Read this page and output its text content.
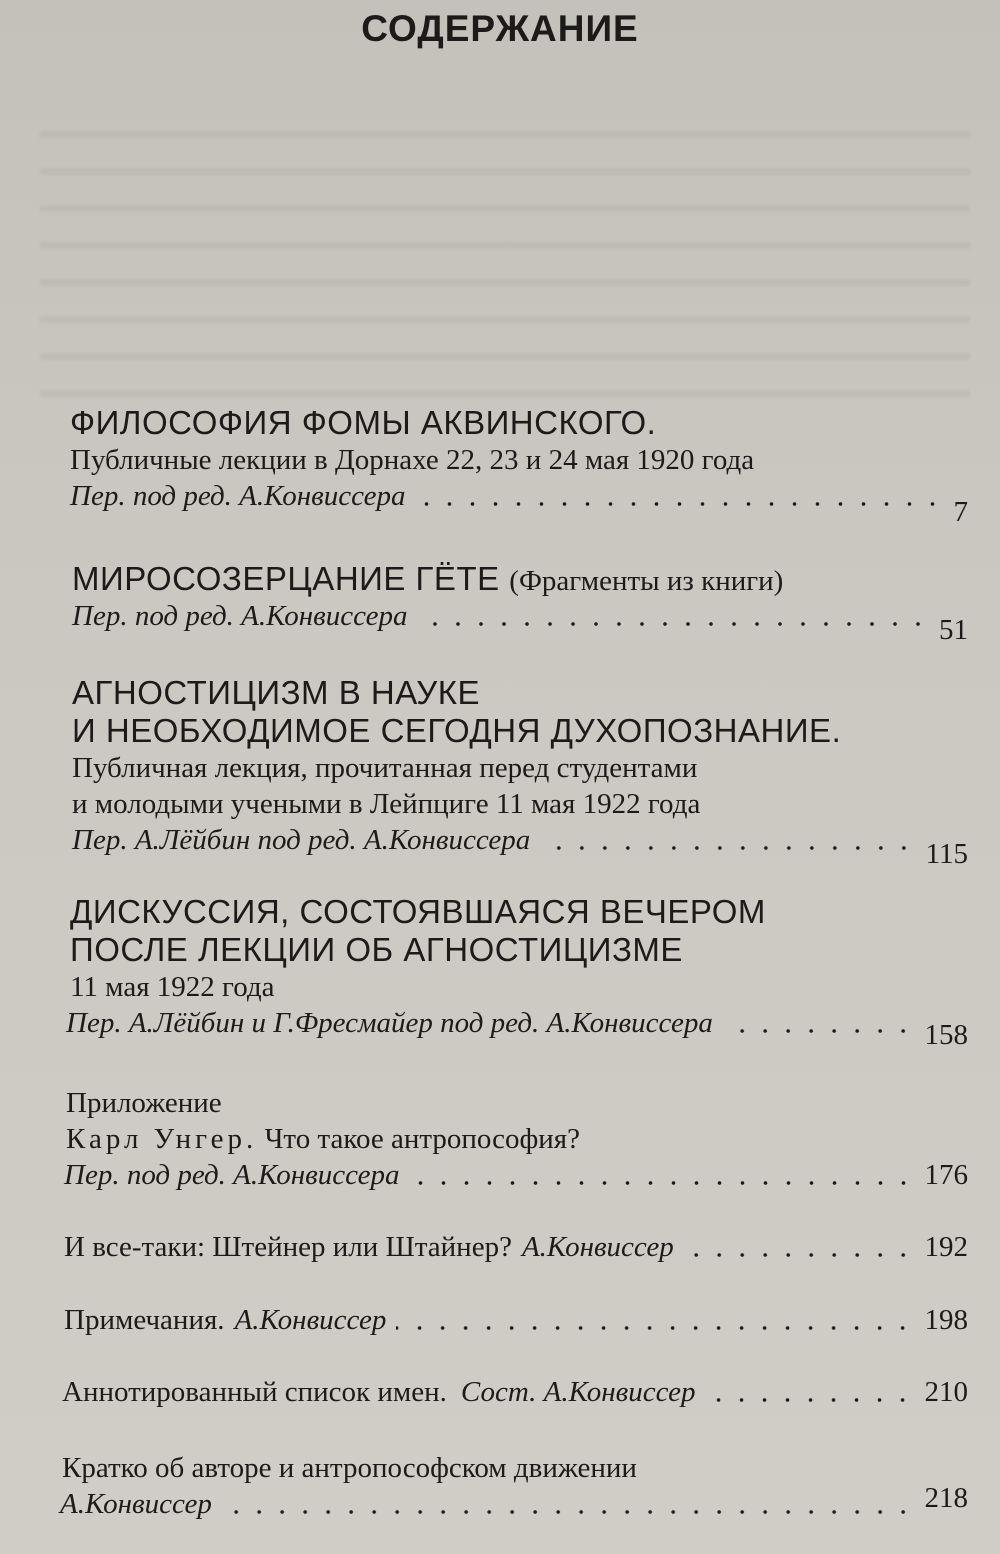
СОДЕРЖАНИЕ
ФИЛОСОФИЯ ФОМЫ АКВИНСКОГО.
Публичные лекции в Дорнахе 22, 23 и 24 мая 1920 года
Пер. под ред. А.Конвиссера	7
МИРОСОЗЕРЦАНИЕ ГЁТЕ (Фрагменты из книги)
Пер. под ред. А.Конвиссера	51
АГНОСТИЦИЗМ В НАУКЕ
И НЕОБХОДИМОЕ СЕГОДНЯ ДУХОПОЗНАНИЕ.
Публичная лекция, прочитанная перед студентами
и молодыми учеными в Лейпциге 11 мая 1922 года
Пер. А.Лёйбин под ред. А.Конвиссера	115
ДИСКУССИЯ, СОСТОЯВШАЯСЯ ВЕЧЕРОМ
ПОСЛЕ ЛЕКЦИИ ОБ АГНОСТИЦИЗМЕ
11 мая 1922 года
Пер. А.Лёйбин и Г.Фресмайер под ред. А.Конвиссера	158
Приложение
Карл Унгер. Что такое антропософия?
Пер. под ред. А.Конвиссера	176
И все-таки: Штейнер или Штайнер? А.Конвиссер	192
Примечания. А.Конвиссер	198
Аннотированный список имен. Сост. А.Конвиссер	210
Кратко об авторе и антропософском движении
А.Конвиссер	218
